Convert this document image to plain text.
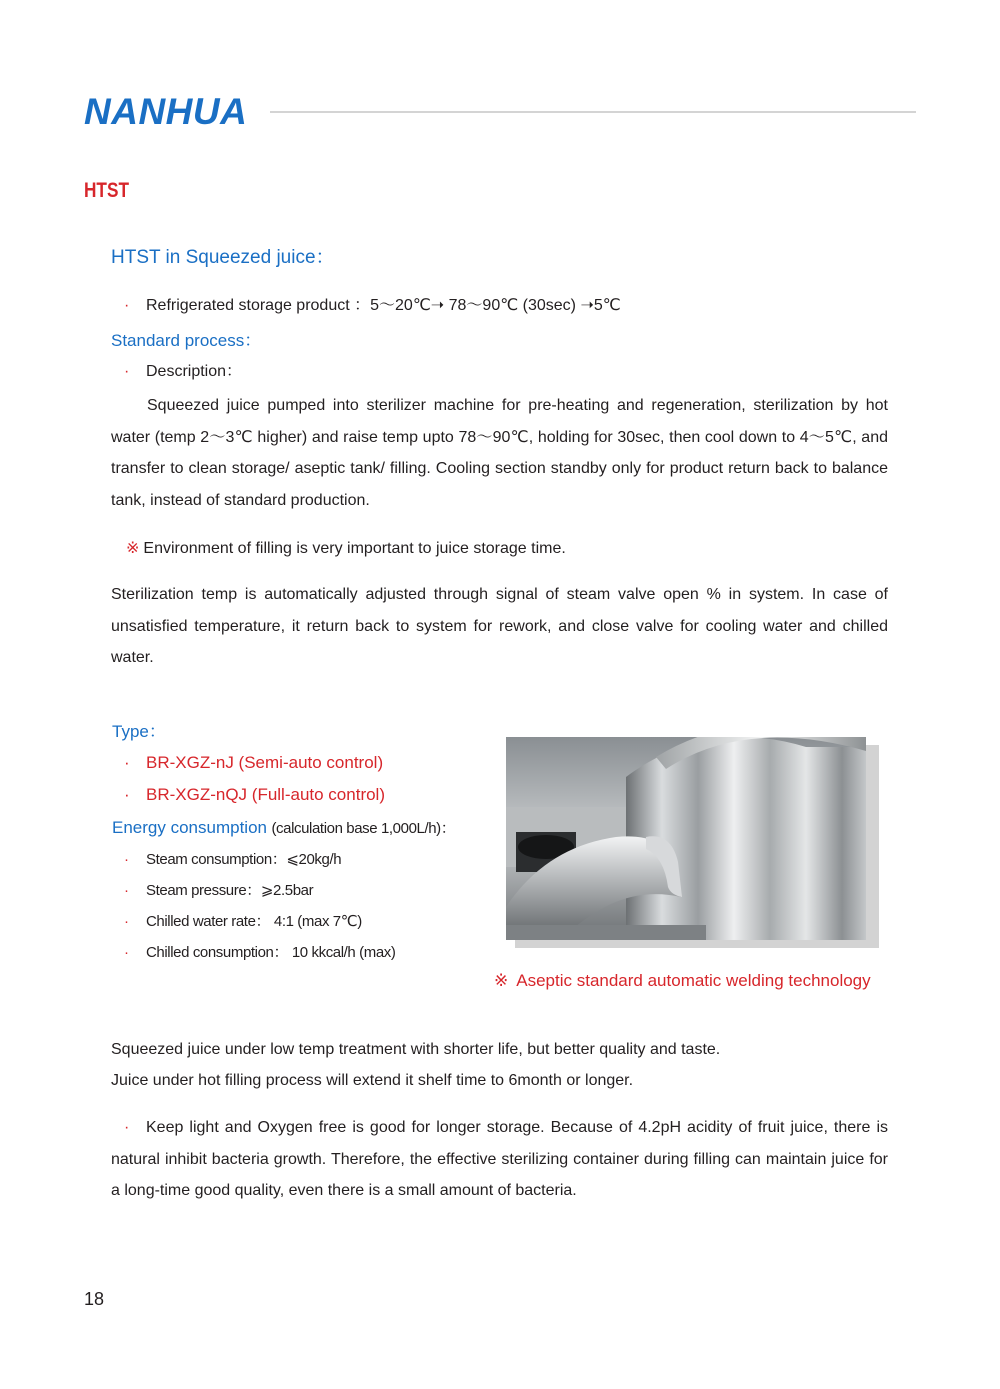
NANHUA
HTST
HTST in Squeezed juice：
· Refrigerated storage product ：5～20℃➝ 78～90℃ (30sec) ➝5℃
Standard process：
· Description：
Squeezed juice pumped into sterilizer machine for pre-heating and regeneration, sterilization by hot water (temp 2～3℃ higher) and raise temp upto 78～90℃, holding for 30sec, then cool down to 4～5℃, and transfer to clean storage/ aseptic tank/ filling. Cooling section standby only for product return back to balance tank, instead of standard production.
※ Environment of filling is very important to juice storage time.
Sterilization temp is automatically adjusted through signal of steam valve open % in system. In case of unsatisfied temperature, it return back to system for rework, and close valve for cooling water and chilled water.
Type：
· BR-XGZ-nJ (Semi-auto control)
· BR-XGZ-nQJ (Full-auto control)
Energy consumption (calculation base 1,000L/h)：
· Steam consumption：⩽20kg/h
· Steam pressure：⩾2.5bar
· Chilled water rate： 4:1 (max 7℃)
· Chilled consumption： 10 kkcal/h (max)
※ Aseptic standard automatic welding technology
Squeezed juice under low temp treatment with shorter life, but better quality and taste.
Juice under hot filling process will extend it shelf time to 6month or longer.
· Keep light and Oxygen free is good for longer storage. Because of 4.2pH acidity of fruit juice, there is natural inhibit bacteria growth. Therefore, the effective sterilizing container during filling can maintain juice for a long-time good quality, even there is a small amount of bacteria.
18
